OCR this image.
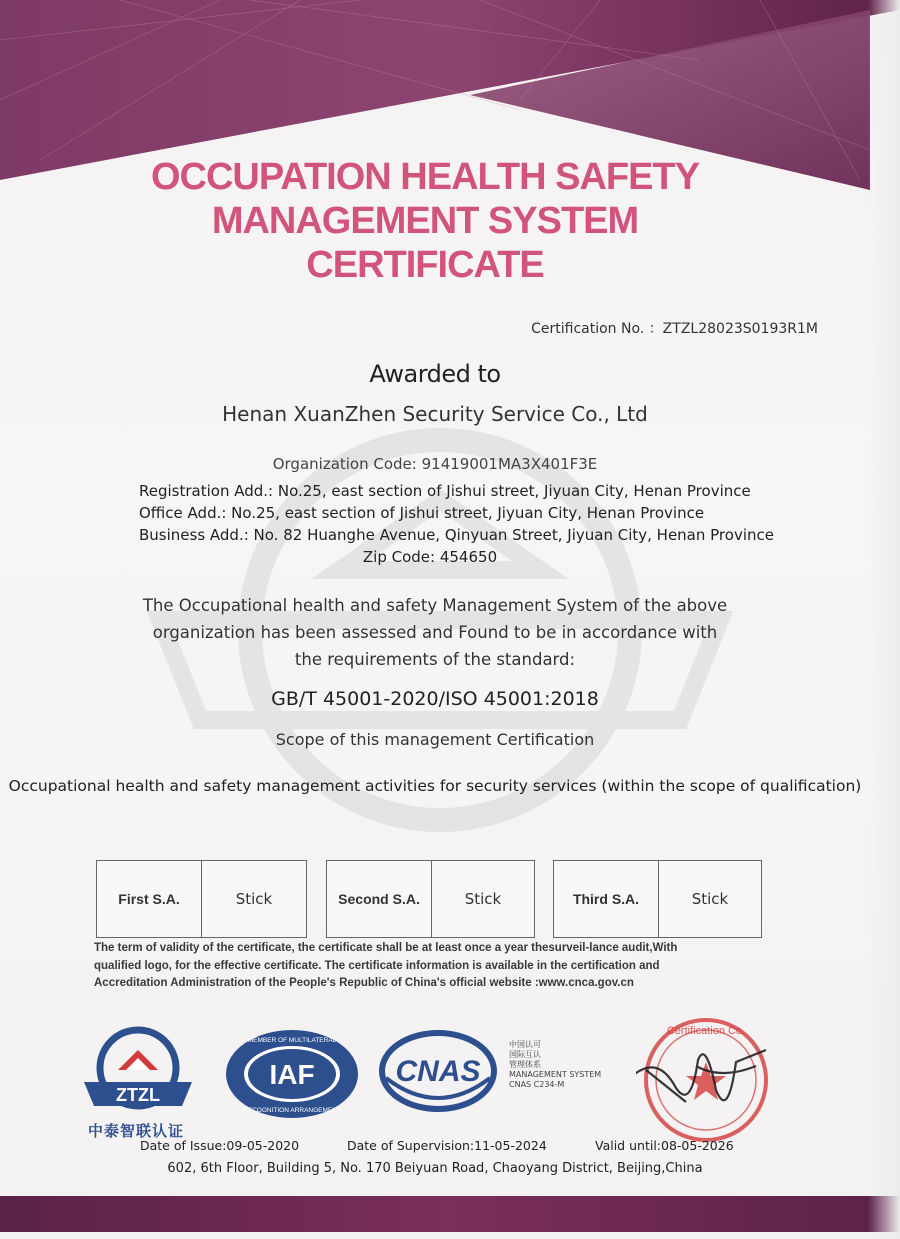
OCCUPATION HEALTH SAFETY
MANAGEMENT SYSTEM
CERTIFICATE
Certification No. ：ZTZL28023S0193R1M
Awarded to
Henan XuanZhen Security Service Co., Ltd
Organization Code: 91419001MA3X401F3E
Registration Add.: No.25, east section of Jishui street, Jiyuan City, Henan Province
Office Add.: No.25, east section of Jishui street, Jiyuan City, Henan Province
Business Add.: No. 82 Huanghe Avenue, Qinyuan Street, Jiyuan City, Henan Province
Zip Code: 454650
The Occupational health and safety Management System of the above
organization has been assessed and Found to be in accordance with
the requirements of the standard:
GB/T 45001-2020/ISO 45001:2018
Scope of this management Certification
Occupational health and safety management activities for security services (within the scope of qualification)
First S.A.	Stick	Second S.A.	Stick	Third S.A.	Stick
The term of validity of the certificate, the certificate shall be at least once a year thesurveil-lance audit,With
qualified logo, for the effective certificate. The certificate information is available in the certification and
Accreditation Administration of the People's Republic of China's official website :www.cnca.gov.cn
ZTZL
中泰智联认证
IAF
MEMBER OF MULTILATERAL
RECOGNITION ARRANGEMENT
CNAS
中国认可
国际互认
管理体系
MANAGEMENT SYSTEM
CNAS C234-M
Certification Co.
Date of Issue:09-05-2020	Date of Supervision:11-05-2024	Valid until:08-05-2026
602, 6th Floor, Building 5, No. 170 Beiyuan Road, Chaoyang District, Beijing,China
